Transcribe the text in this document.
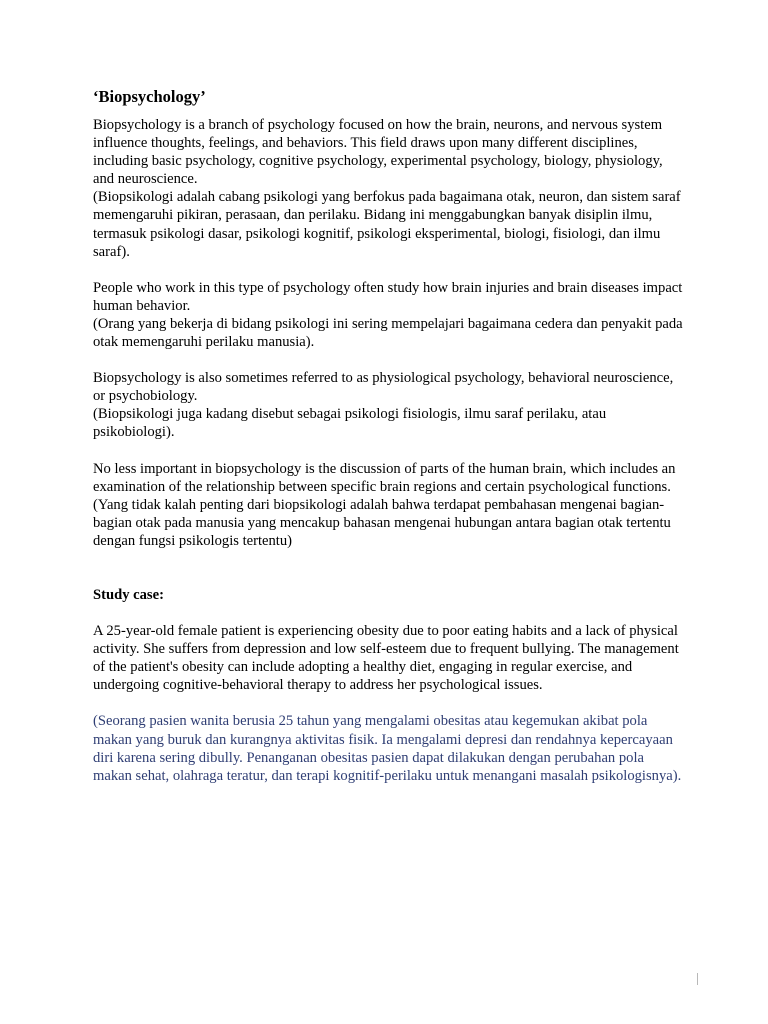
‘Biopsychology’

Biopsychology is a branch of psychology focused on how the brain, neurons, and nervous system influence thoughts, feelings, and behaviors. This field draws upon many different disciplines, including basic psychology, cognitive psychology, experimental psychology, biology, physiology, and neuroscience.
(Biopsikologi adalah cabang psikologi yang berfokus pada bagaimana otak, neuron, dan sistem saraf memengaruhi pikiran, perasaan, dan perilaku. Bidang ini menggabungkan banyak disiplin ilmu, termasuk psikologi dasar, psikologi kognitif, psikologi eksperimental, biologi, fisiologi, dan ilmu saraf).

People who work in this type of psychology often study how brain injuries and brain diseases impact human behavior.
(Orang yang bekerja di bidang psikologi ini sering mempelajari bagaimana cedera dan penyakit pada otak memengaruhi perilaku manusia).

Biopsychology is also sometimes referred to as physiological psychology, behavioral neuroscience, or psychobiology.
(Biopsikologi juga kadang disebut sebagai psikologi fisiologis, ilmu saraf perilaku, atau psikobiologi).

No less important in biopsychology is the discussion of parts of the human brain, which includes an examination of the relationship between specific brain regions and certain psychological functions.
(Yang tidak kalah penting dari biopsikologi adalah bahwa terdapat pembahasan mengenai bagian-bagian otak pada manusia yang mencakup bahasan mengenai hubungan antara bagian otak tertentu dengan fungsi psikologis tertentu)

Study case:

A 25-year-old female patient is experiencing obesity due to poor eating habits and a lack of physical activity. She suffers from depression and low self-esteem due to frequent bullying. The management of the patient's obesity can include adopting a healthy diet, engaging in regular exercise, and undergoing cognitive-behavioral therapy to address her psychological issues.

(Seorang pasien wanita berusia 25 tahun yang mengalami obesitas atau kegemukan akibat pola makan yang buruk dan kurangnya aktivitas fisik. Ia mengalami depresi dan rendahnya kepercayaan diri karena sering dibully. Penanganan obesitas pasien dapat dilakukan dengan perubahan pola makan sehat, olahraga teratur, dan terapi kognitif-perilaku untuk menangani masalah psikologisnya).
